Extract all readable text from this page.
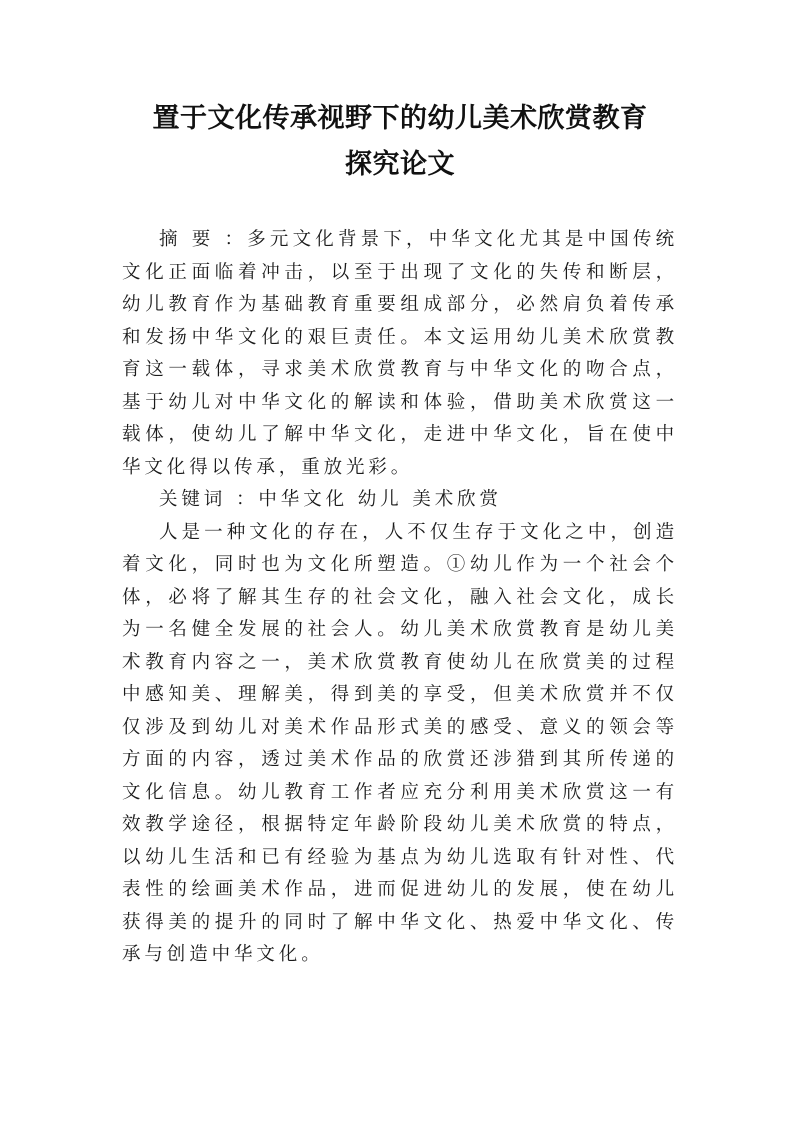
置于文化传承视野下的幼儿美术欣赏教育
探究论文

摘 要 ：多元文化背景下，中华文化尤其是中国传统文化正面临着冲击，以至于出现了文化的失传和断层，幼儿教育作为基础教育重要组成部分，必然肩负着传承和发扬中华文化的艰巨责任。本文运用幼儿美术欣赏教育这一载体，寻求美术欣赏教育与中华文化的吻合点，基于幼儿对中华文化的解读和体验，借助美术欣赏这一载体，使幼儿了解中华文化，走进中华文化，旨在使中华文化得以传承，重放光彩。

关键词 ：中华文化 幼儿 美术欣赏

人是一种文化的存在，人不仅生存于文化之中，创造着文化，同时也为文化所塑造。①幼儿作为一个社会个体，必将了解其生存的社会文化，融入社会文化，成长为一名健全发展的社会人。幼儿美术欣赏教育是幼儿美术教育内容之一，美术欣赏教育使幼儿在欣赏美的过程中感知美、理解美，得到美的享受，但美术欣赏并不仅仅涉及到幼儿对美术作品形式美的感受、意义的领会等方面的内容，透过美术作品的欣赏还涉猎到其所传递的文化信息。幼儿教育工作者应充分利用美术欣赏这一有效教学途径，根据特定年龄阶段幼儿美术欣赏的特点，以幼儿生活和已有经验为基点为幼儿选取有针对性、代表性的绘画美术作品，进而促进幼儿的发展，使在幼儿获得美的提升的同时了解中华文化、热爱中华文化、传承与创造中华文化。
